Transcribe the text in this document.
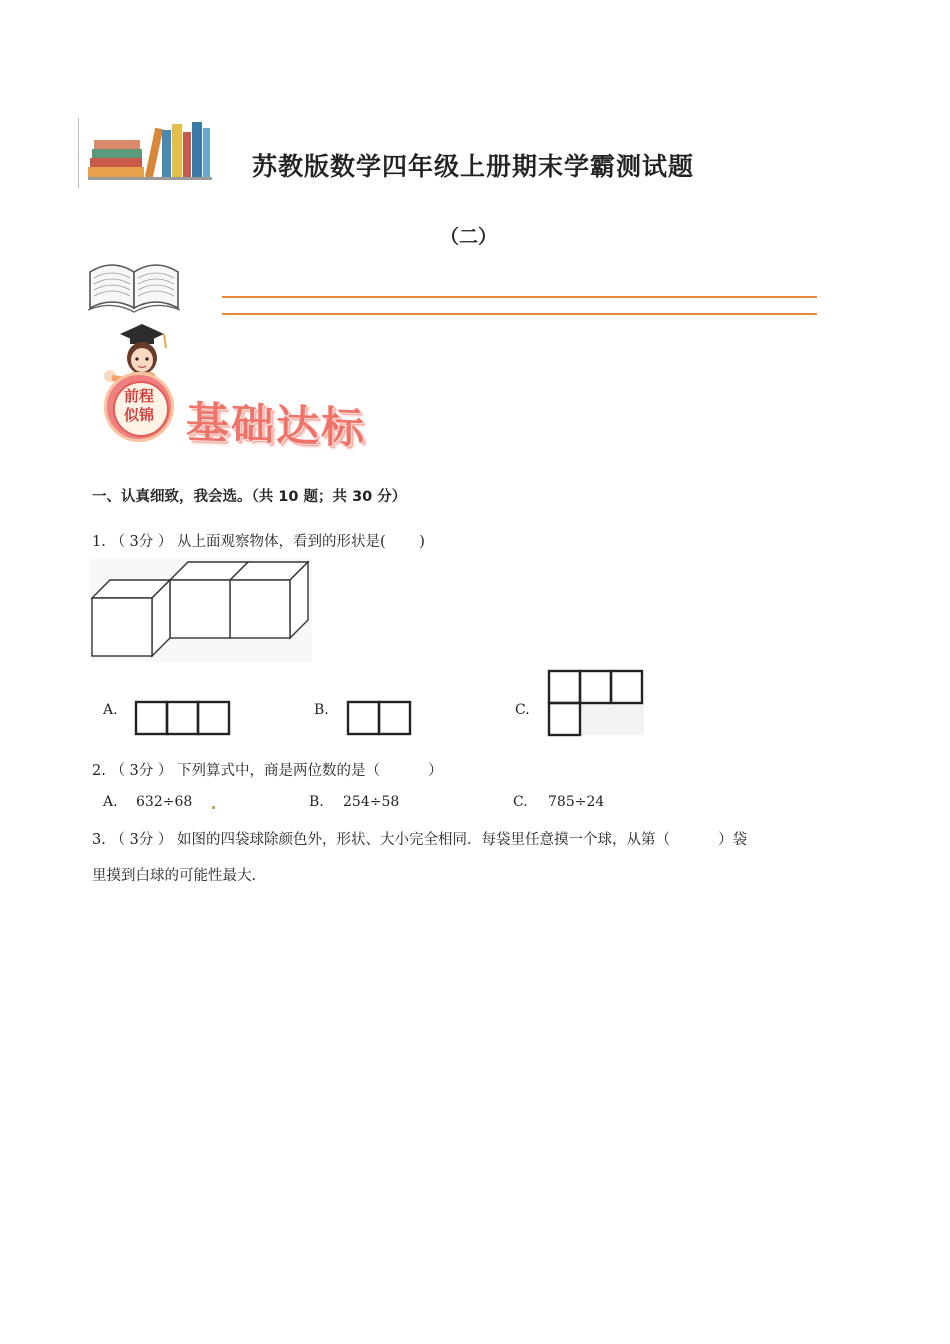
苏教版数学四年级上册期末学霸测试题
（二）
前程
似锦 基础达标
一、认真细致，我会选。（共 10 题；共 30 分）
1. （ 3分 ） 从上面观察物体，看到的形状是(　　 )
A.	B.	C.
2. （ 3分 ） 下列算式中，商是两位数的是（　　　 ）
A. 632÷68	B. 254÷58	C. 785÷24
3. （ 3分 ） 如图的四袋球除颜色外，形状、大小完全相同．每袋里任意摸一个球，从第（　　　 ）袋
里摸到白球的可能性最大.
